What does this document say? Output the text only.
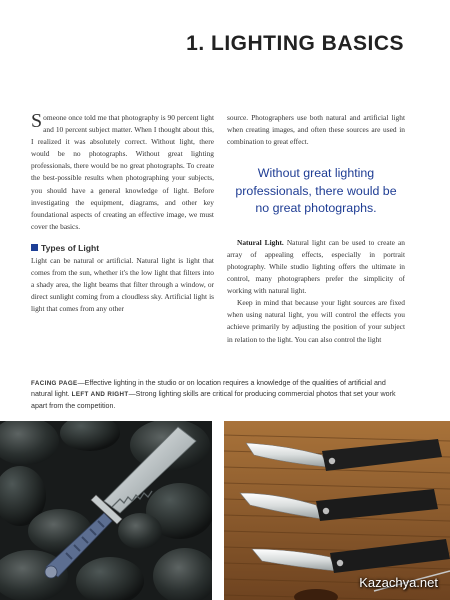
1. LIGHTING BASICS

Someone once told me that photography is 90 percent light and 10 percent subject matter. When I thought about this, I realized it was absolutely correct. Without light, there would be no photographs. Without great lighting professionals, there would be no great photographs. To create the best-possible results when photographing your subjects, you should have a general knowledge of light. Before investigating the equipment, diagrams, and other key foundational aspects of creating an effective image, we must cover the basics.

Types of Light

Light can be natural or artificial. Natural light is light that comes from the sun, whether it's the low light that filters into a shady area, the light beams that filter through a window, or direct sunlight coming from a cloudless sky. Artificial light is light that comes from any other

source. Photographers use both natural and artificial light when creating images, and often these sources are used in combination to great effect.

Without great lighting professionals, there would be no great photographs.

Natural Light. Natural light can be used to create an array of appealing effects, especially in portrait photography. While studio lighting offers the ultimate in control, many photographers prefer the simplicity of working with natural light.

Keep in mind that because your light sources are fixed when using natural light, you will control the effects you achieve primarily by adjusting the position of your subject in relation to the light. You can also control the light

FACING PAGE—Effective lighting in the studio or on location requires a knowledge of the qualities of artificial and natural light. LEFT AND RIGHT—Strong lighting skills are critical for producing commercial photos that set your work apart from the competition.
Kazachya.net
